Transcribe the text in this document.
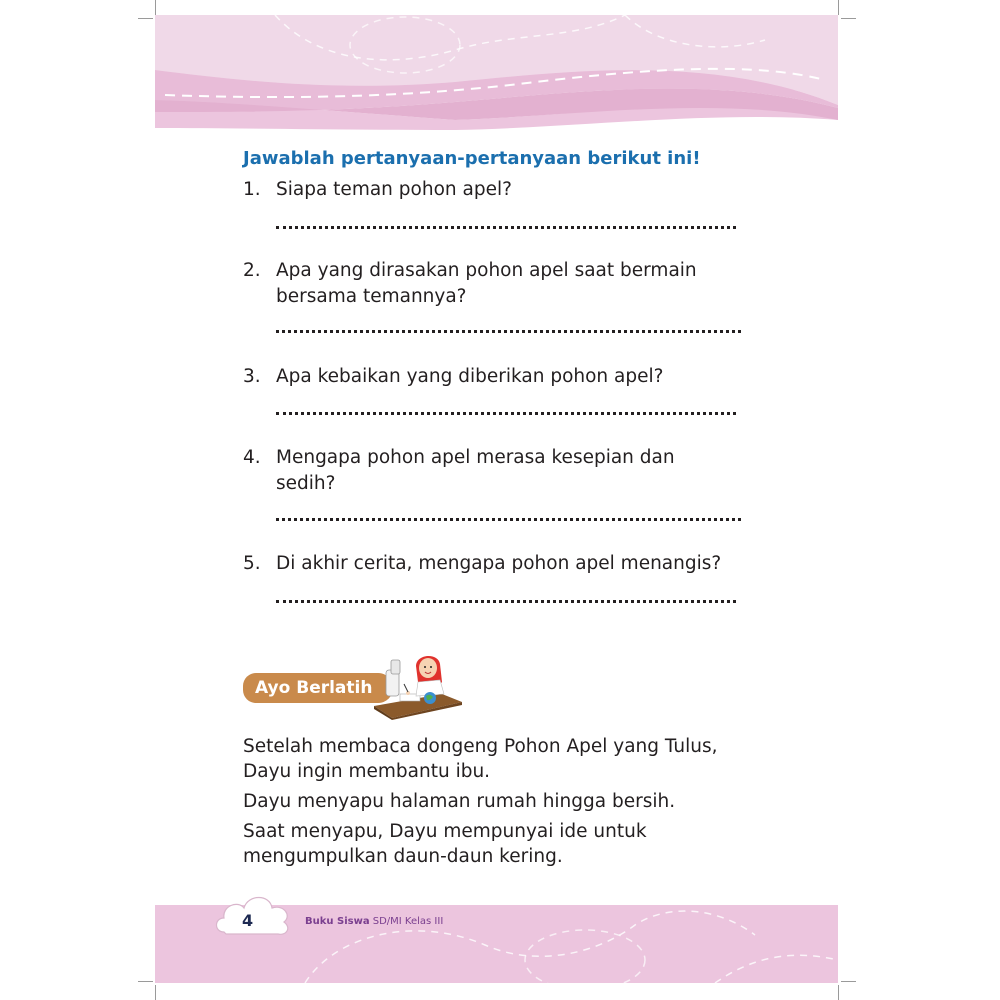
Jawablah pertanyaan-pertanyaan berikut ini!
1. Siapa teman pohon apel?
2. Apa yang dirasakan pohon apel saat bermain
bersama temannya?
3. Apa kebaikan yang diberikan pohon apel?
4. Mengapa pohon apel merasa kesepian dan
sedih?
5. Di akhir cerita, mengapa pohon apel menangis?
Ayo Berlatih
Setelah membaca dongeng Pohon Apel yang Tulus,
Dayu ingin membantu ibu.
Dayu menyapu halaman rumah hingga bersih.
Saat menyapu, Dayu mempunyai ide untuk
mengumpulkan daun-daun kering.
4	Buku Siswa SD/MI Kelas III
